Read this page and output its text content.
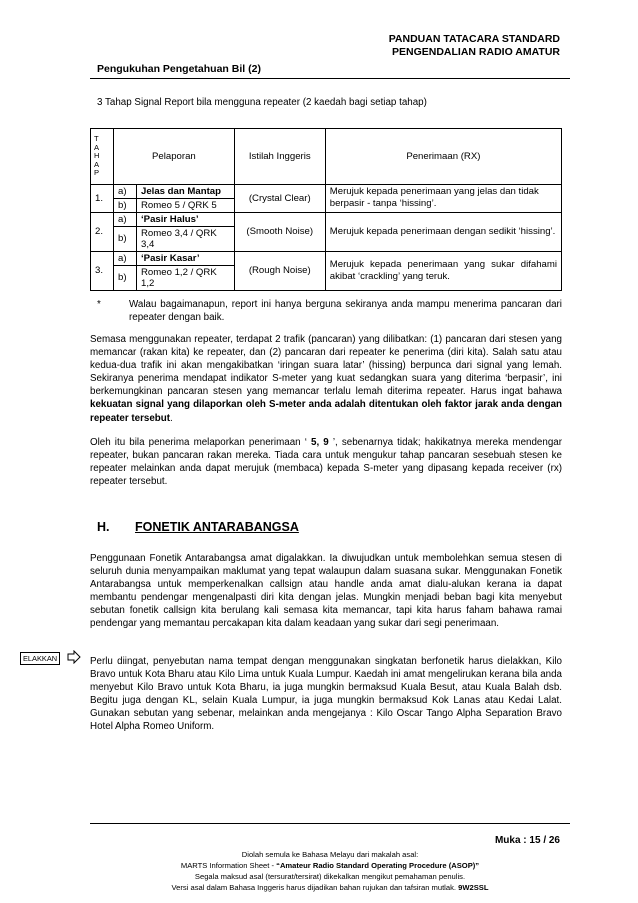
PANDUAN TATACARA STANDARD
PENGENDALIAN RADIO AMATUR
Pengukuhan Pengetahuan Bil (2)
3 Tahap Signal Report bila mengguna repeater (2 kaedah bagi setiap tahap)
T
A
H
A
P	Pelaporan		Istilah Inggeris	Penerimaan (RX)
1.	a)	Jelas dan Mantap	(Crystal Clear)	Merujuk kepada penerimaan yang jelas dan tidak berpasir - tanpa ‘hissing’.
	b)	Romeo 5 / QRK 5		
2.	a)	‘Pasir Halus’	(Smooth Noise)	Merujuk kepada penerimaan dengan sedikit ‘hissing’.
	b)	Romeo 3,4 / QRK 3,4		
3.	a)	‘Pasir Kasar’	(Rough Noise)	Merujuk kepada penerimaan yang sukar difahami akibat ‘crackling’ yang teruk.
	b)	Romeo 1,2 / QRK 1,2		
*	Walau bagaimanapun, report ini hanya berguna sekiranya anda mampu menerima pancaran dari repeater dengan baik.
Semasa menggunakan repeater, terdapat 2 trafik (pancaran) yang dilibatkan: (1) pancaran dari stesen yang memancar (rakan kita) ke repeater, dan (2) pancaran dari repeater ke penerima (diri kita). Salah satu atau kedua-dua trafik ini akan mengakibatkan ‘iringan suara latar’ (hissing) berpunca dari signal yang lemah. Sekiranya penerima mendapat indikator S-meter yang kuat sedangkan suara yang diterima ‘berpasir’, ini berkemungkinan pancaran stesen yang memancar terlalu lemah diterima repeater. Harus ingat bahawa kekuatan signal yang dilaporkan oleh S-meter anda adalah ditentukan oleh faktor jarak anda dengan repeater tersebut.
Oleh itu bila penerima melaporkan penerimaan ‘ 5, 9 ’, sebenarnya tidak; hakikatnya mereka mendengar repeater, bukan pancaran rakan mereka. Tiada cara untuk mengukur tahap pancaran sesebuah stesen ke repeater melainkan anda dapat merujuk (membaca) kepada S-meter yang dipasang kepada receiver (rx) repeater tersebut.
H. FONETIK ANTARABANGSA
Penggunaan Fonetik Antarabangsa amat digalakkan. Ia diwujudkan untuk membolehkan semua stesen di seluruh dunia menyampaikan maklumat yang tepat walaupun dalam suasana sukar. Menggunakan Fonetik Antarabangsa untuk memperkenalkan callsign atau handle anda amat dialu-alukan kerana ia dapat membantu pendengar mengenalpasti diri kita dengan jelas. Mungkin menjadi beban bagi kita menyebut sebutan fonetik callsign kita berulang kali semasa kita memancar, tapi kita harus faham bahawa ramai pendengar yang memantau percakapan kita dalam keadaan yang sukar dari segi penerimaan.
ELAKKAN	Perlu diingat, penyebutan nama tempat dengan menggunakan singkatan berfonetik harus dielakkan, Kilo Bravo untuk Kota Bharu atau Kilo Lima untuk Kuala Lumpur. Kaedah ini amat mengelirukan kerana bila anda menyebut Kilo Bravo untuk Kota Bharu, ia juga mungkin bermaksud Kuala Besut, atau Kuala Balah dsb. Begitu juga dengan KL, selain Kuala Lumpur, ia juga mungkin bermaksud Kok Lanas atau Kedai Lalat. Gunakan sebutan yang sebenar, melainkan anda mengejanya : Kilo Oscar Tango Alpha Separation Bravo Hotel Alpha Romeo Uniform.
Muka : 15 / 26
Diolah semula ke Bahasa Melayu dari makalah asal:
MARTS Information Sheet - “Amateur Radio Standard Operating Procedure (ASOP)”
Segala maksud asal (tersurat/tersirat) dikekalkan mengikut pemahaman penulis.
Versi asal dalam Bahasa Inggeris harus dijadikan bahan rujukan dan tafsiran mutlak. 9W2SSL
